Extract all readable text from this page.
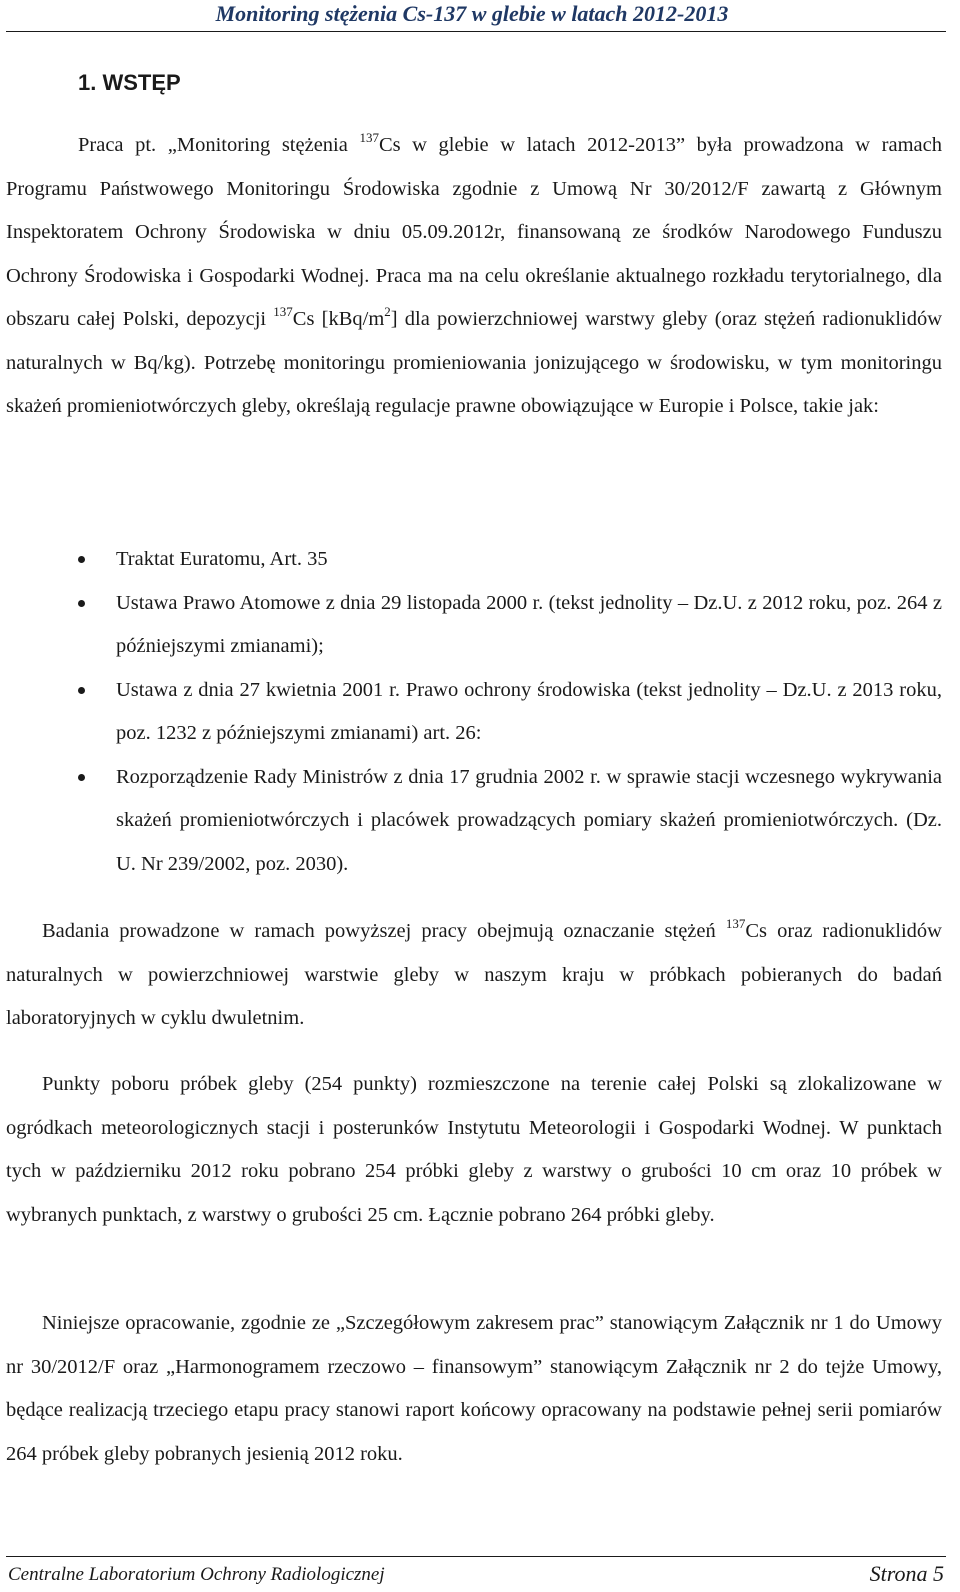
Monitoring stężenia Cs-137 w glebie w latach 2012-2013
1. WSTĘP

Praca pt. „Monitoring stężenia $^{137}$Cs w glebie w latach 2012-2013” była prowadzona w ramach Programu Państwowego Monitoringu Środowiska zgodnie z Umową Nr 30/2012/F zawartą z Głównym Inspektoratem Ochrony Środowiska w dniu 05.09.2012r, finansowaną ze środków Narodowego Funduszu Ochrony Środowiska i Gospodarki Wodnej. Praca ma na celu określanie aktualnego rozkładu terytorialnego, dla obszaru całej Polski, depozycji $^{137}$Cs $[kBq/m^2]$ dla powierzchniowej warstwy gleby (oraz stężeń radionuklidów naturalnych w Bq/kg). Potrzebę monitoringu promieniowania jonizującego w środowisku, w tym monitoringu skażeń promieniotwórczych gleby, określają regulacje prawne obowiązujące w Europie i Polsce, takie jak:

Traktat Euratomu, Art. 35
Ustawa Prawo Atomowe z dnia 29 listopada 2000 r. (tekst jednolity – Dz.U. z 2012 roku, poz. 264 z późniejszymi zmianami);
Ustawa z dnia 27 kwietnia 2001 r. Prawo ochrony środowiska (tekst jednolity – Dz.U. z 2013 roku, poz. 1232 z późniejszymi zmianami) art. 26:
Rozporządzenie Rady Ministrów z dnia 17 grudnia 2002 r. w sprawie stacji wczesnego wykrywania skażeń promieniotwórczych i placówek prowadzących pomiary skażeń promieniotwórczych. (Dz. U. Nr 239/2002, poz. 2030).

Badania prowadzone w ramach powyższej pracy obejmują oznaczanie stężeń $^{137}$Cs oraz radionuklidów naturalnych w powierzchniowej warstwie gleby w naszym kraju w próbkach pobieranych do badań laboratoryjnych w cyklu dwuletnim.

Punkty poboru próbek gleby (254 punkty) rozmieszczone na terenie całej Polski są zlokalizowane w ogródkach meteorologicznych stacji i posterunków Instytutu Meteorologii i Gospodarki Wodnej. W punktach tych w październiku 2012 roku pobrano 254 próbki gleby z warstwy o grubości 10 cm oraz 10 próbek w wybranych punktach, z warstwy o grubości 25 cm. Łącznie pobrano 264 próbki gleby.

Niniejsze opracowanie, zgodnie ze „Szczegółowym zakresem prac” stanowiącym Załącznik nr 1 do Umowy nr 30/2012/F oraz „Harmonogramem rzeczowo – finansowym” stanowiącym Załącznik nr 2 do tejże Umowy, będące realizacją trzeciego etapu pracy stanowi raport końcowy opracowany na podstawie pełnej serii pomiarów 264 próbek gleby pobranych jesienią 2012 roku.

Centralne Laboratorium Ochrony Radiologicznej	Strona 5
